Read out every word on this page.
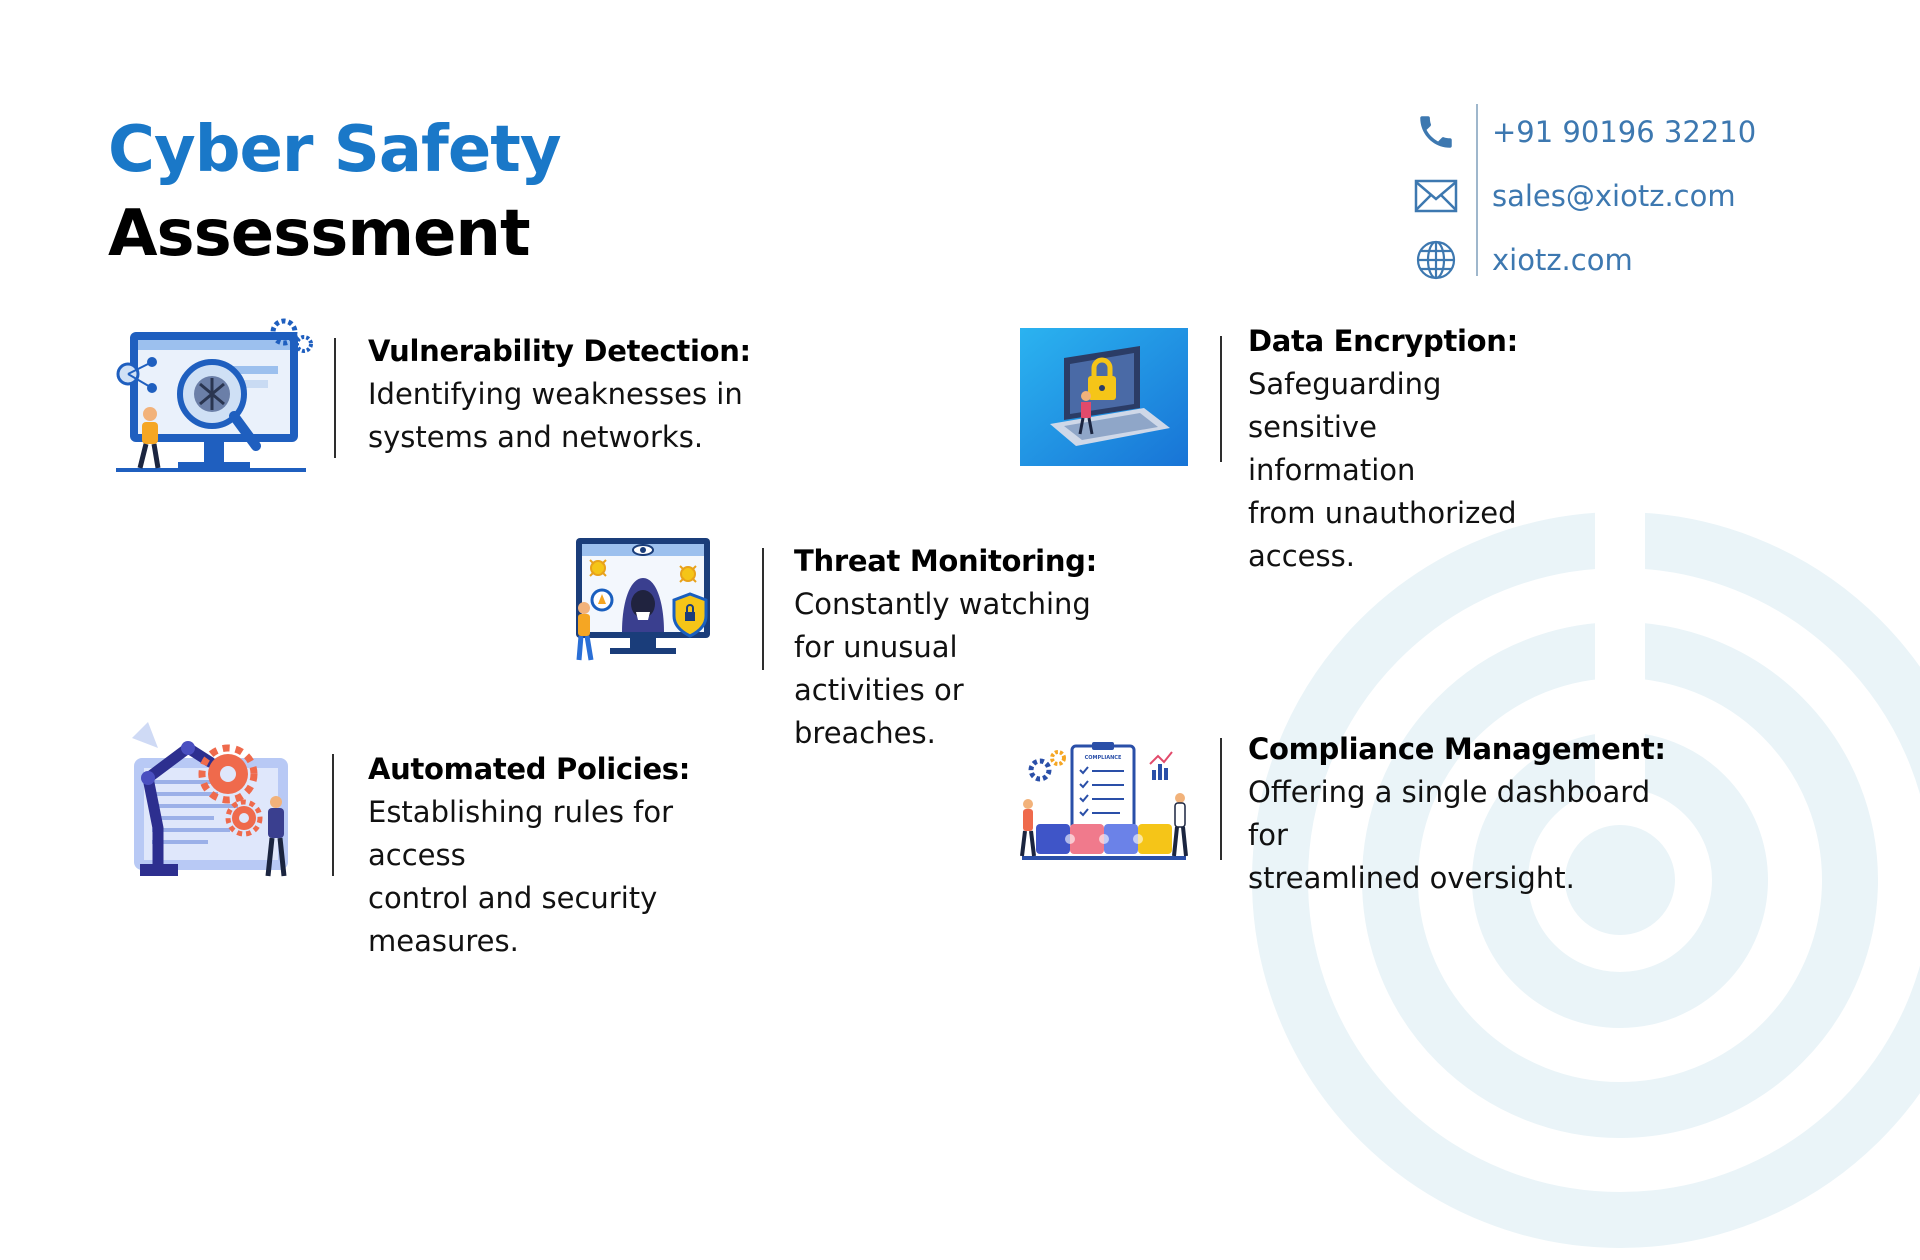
Cyber Safety
Assessment
+91 90196 32210
sales@xiotz.com
xiotz.com
Vulnerability Detection:
Identifying weaknesses in
systems and networks.
Data Encryption:
Safeguarding sensitive information
from unauthorized access.
Threat Monitoring:
Constantly watching for unusual
activities or breaches.
Automated Policies:
Establishing rules for access
control and security measures.
COMPLIANCE	Compliance Management:
Offering a single dashboard for
streamlined oversight.
